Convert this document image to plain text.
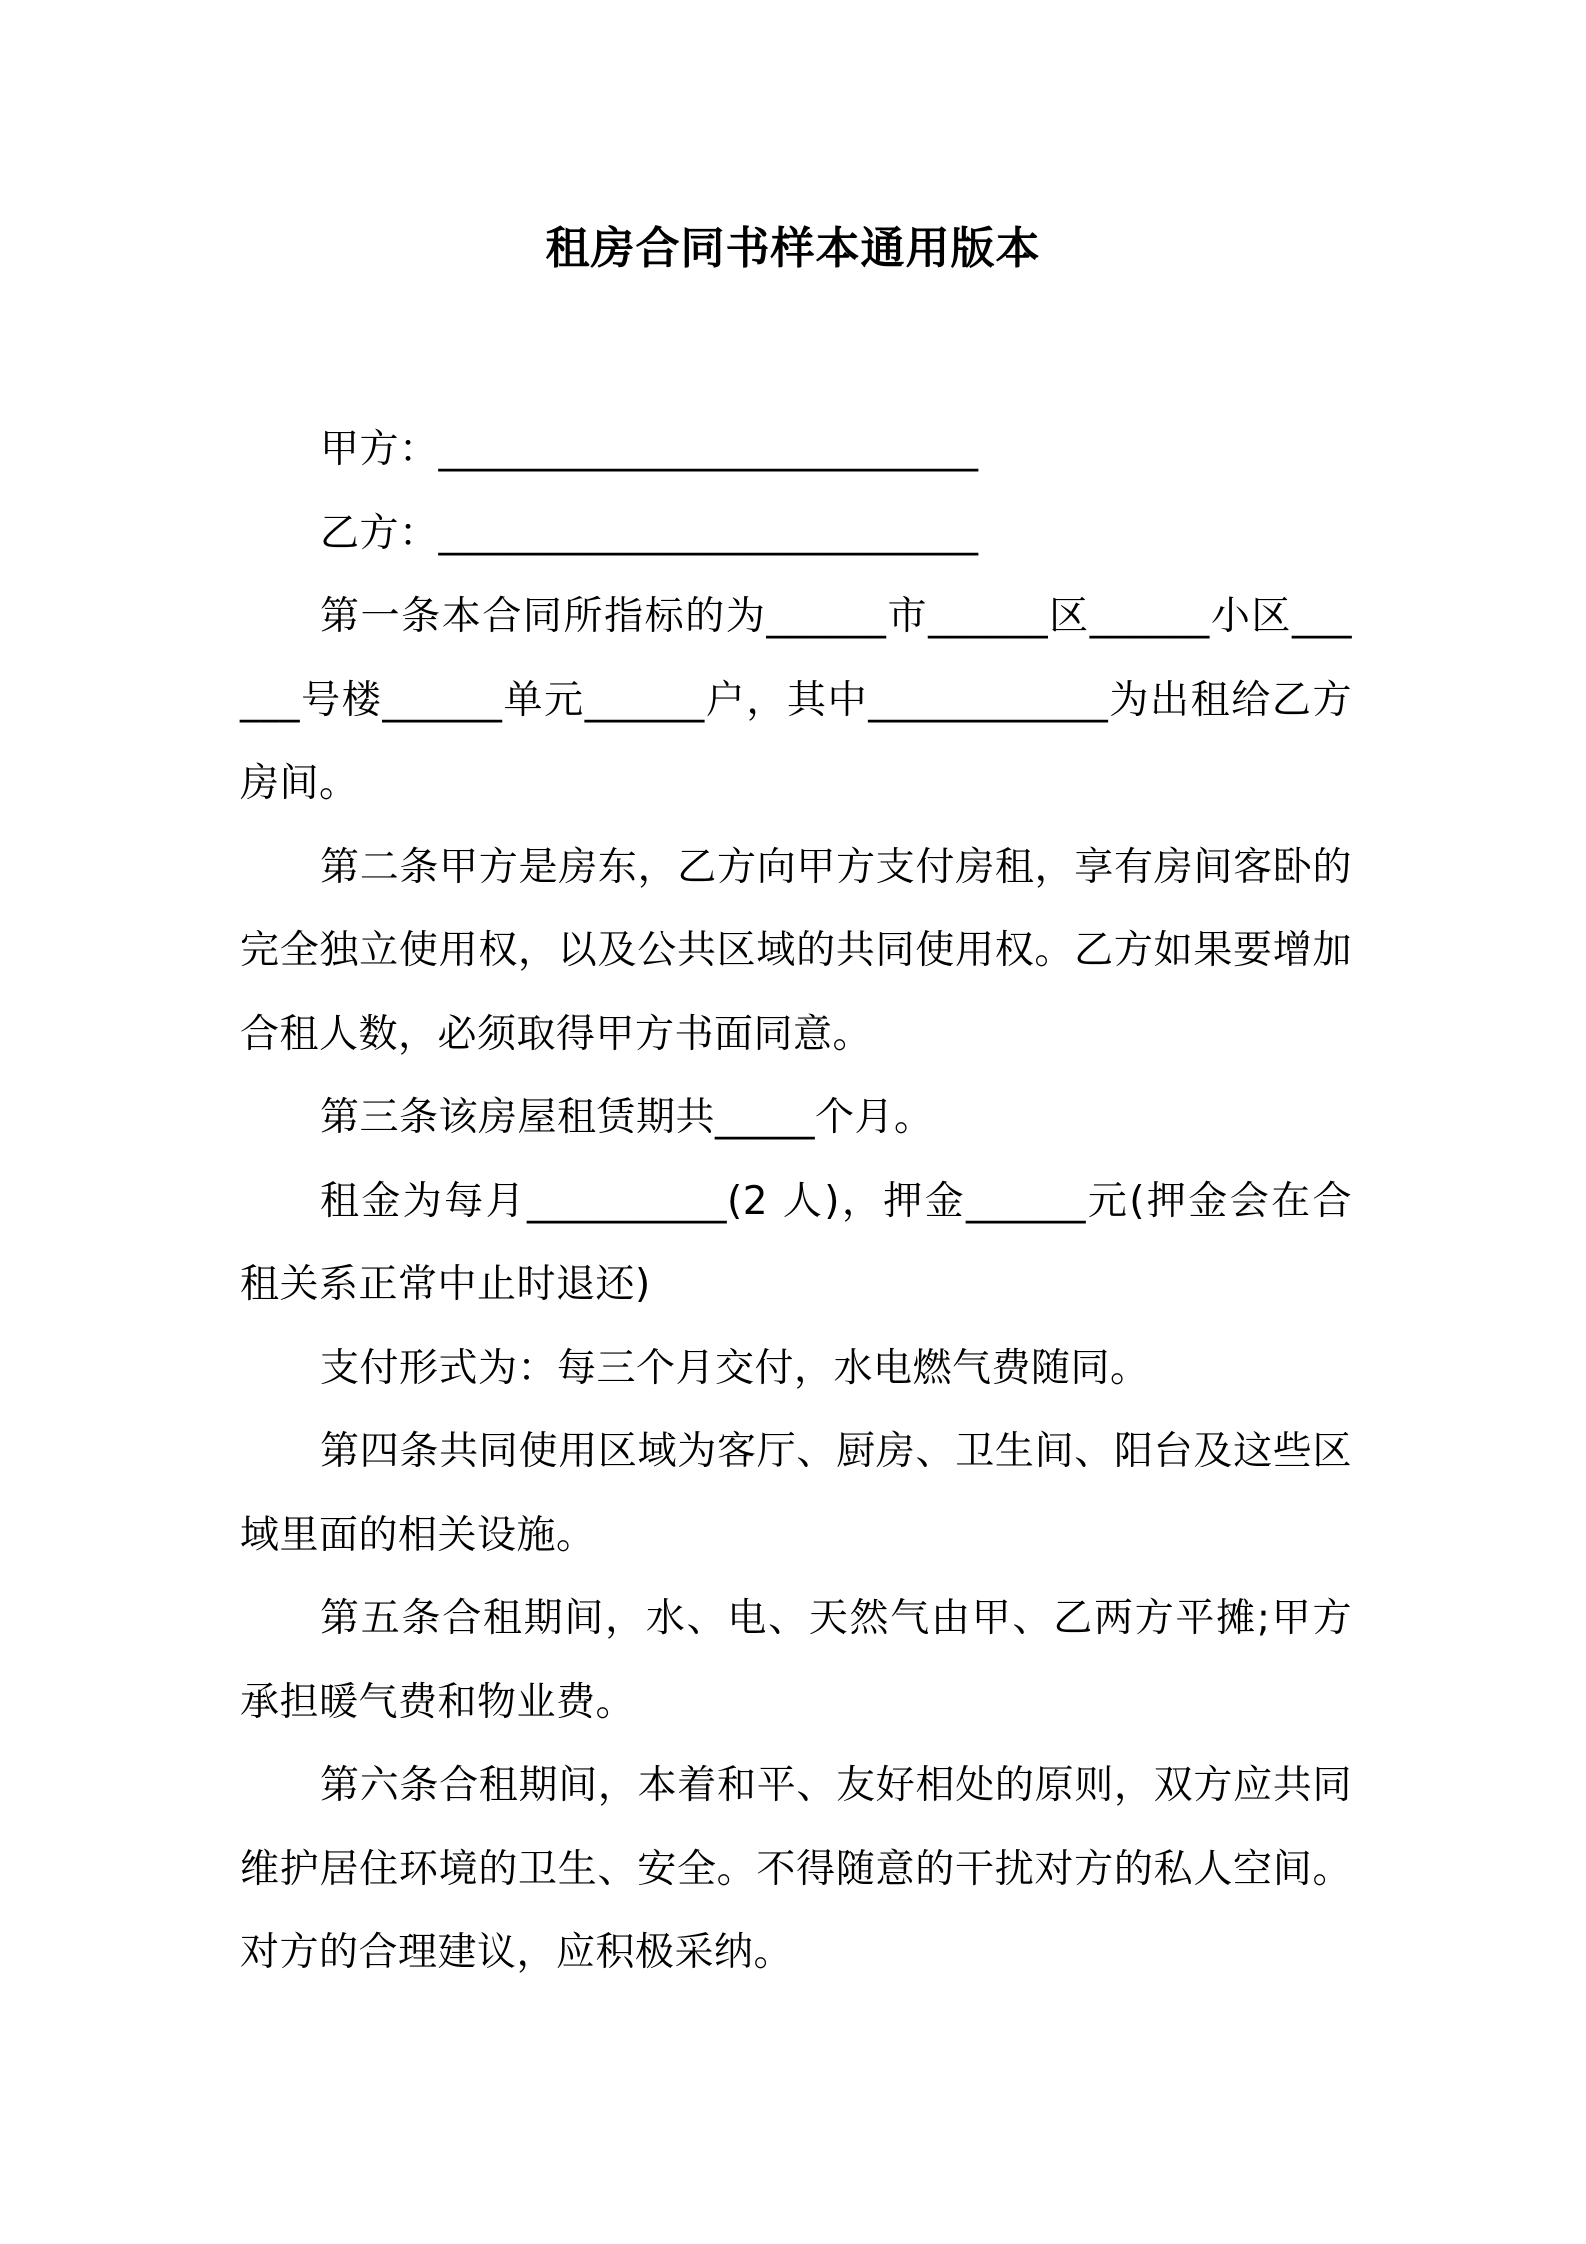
租房合同书样本通用版本

甲方：___________________________

乙方：___________________________

第一条本合同所指标的为______市______区______小区______号楼______单元______户，其中____________为出租给乙方房间。

第二条甲方是房东，乙方向甲方支付房租，享有房间客卧的完全独立使用权，以及公共区域的共同使用权。乙方如果要增加合租人数，必须取得甲方书面同意。

第三条该房屋租赁期共_____个月。

租金为每月__________(2 人)，押金______元(押金会在合租关系正常中止时退还)

支付形式为：每三个月交付，水电燃气费随同。

第四条共同使用区域为客厅、厨房、卫生间、阳台及这些区域里面的相关设施。

第五条合租期间，水、电、天然气由甲、乙两方平摊;甲方承担暖气费和物业费。

第六条合租期间，本着和平、友好相处的原则，双方应共同维护居住环境的卫生、安全。不得随意的干扰对方的私人空间。对方的合理建议，应积极采纳。
